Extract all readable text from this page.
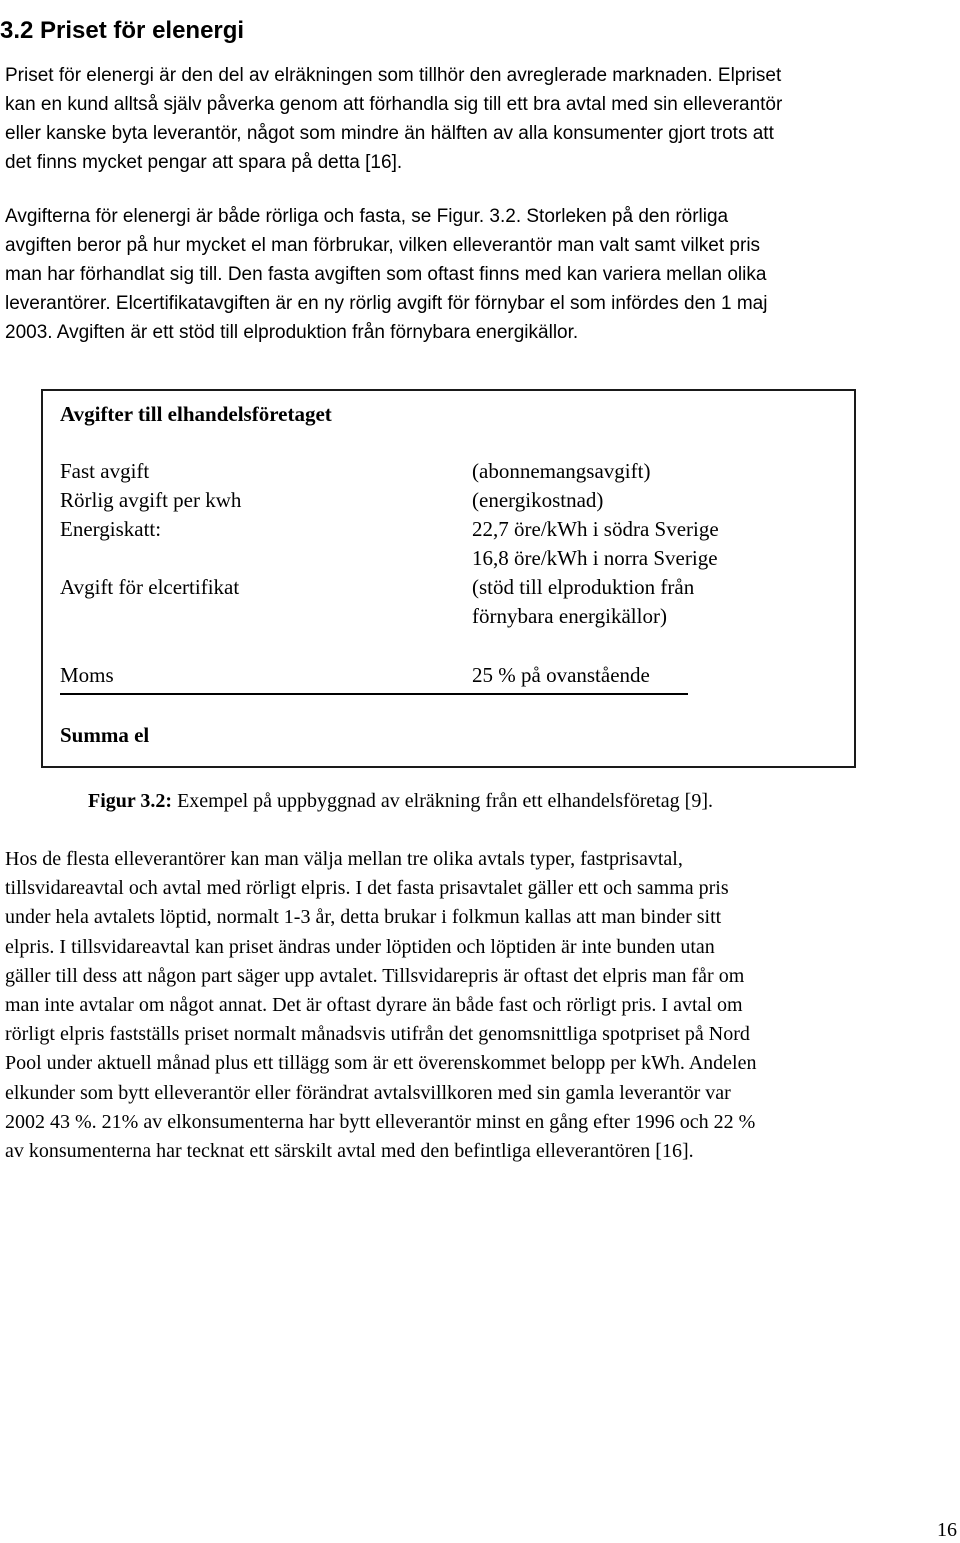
3.2 Priset för elenergi

Priset för elenergi är den del av elräkningen som tillhör den avreglerade marknaden. Elpriset
kan en kund alltså själv påverka genom att förhandla sig till ett bra avtal med sin elleverantör
eller kanske byta leverantör, något som mindre än hälften av alla konsumenter gjort trots att
det finns mycket pengar att spara på detta [16].

Avgifterna för elenergi är både rörliga och fasta, se Figur. 3.2. Storleken på den rörliga
avgiften beror på hur mycket el man förbrukar, vilken elleverantör man valt samt vilket pris
man har förhandlat sig till. Den fasta avgiften som oftast finns med kan variera mellan olika
leverantörer. Elcertifikatavgiften är en ny rörlig avgift för förnybar el som infördes den 1 maj
2003. Avgiften är ett stöd till elproduktion från förnybara energikällor.

Avgifter till elhandelsföretaget
Fast avgift	(abonnemangsavgift)
Rörlig avgift per kwh	(energikostnad)
Energiskatt:	22,7 öre/kWh i södra Sverige
16,8 öre/kWh i norra Sverige
Avgift för elcertifikat	(stöd till elproduktion från
förnybara energikällor)
Moms	25 % på ovanstående
Summa el
Figur 3.2: Exempel på uppbyggnad av elräkning från ett elhandelsföretag [9].

Hos de flesta elleverantörer kan man välja mellan tre olika avtals typer, fastprisavtal,
tillsvidareavtal och avtal med rörligt elpris. I det fasta prisavtalet gäller ett och samma pris
under hela avtalets löptid, normalt 1-3 år, detta brukar i folkmun kallas att man binder sitt
elpris. I tillsvidareavtal kan priset ändras under löptiden och löptiden är inte bunden utan
gäller till dess att någon part säger upp avtalet. Tillsvidarepris är oftast det elpris man får om
man inte avtalar om något annat. Det är oftast dyrare än både fast och rörligt pris. I avtal om
rörligt elpris fastställs priset normalt månadsvis utifrån det genomsnittliga spotpriset på Nord
Pool under aktuell månad plus ett tillägg som är ett överenskommet belopp per kWh. Andelen
elkunder som bytt elleverantör eller förändrat avtalsvillkoren med sin gamla leverantör var
2002 43 %. 21% av elkonsumenterna har bytt elleverantör minst en gång efter 1996 och 22 %
av konsumenterna har tecknat ett särskilt avtal med den befintliga elleverantören [16].

16
